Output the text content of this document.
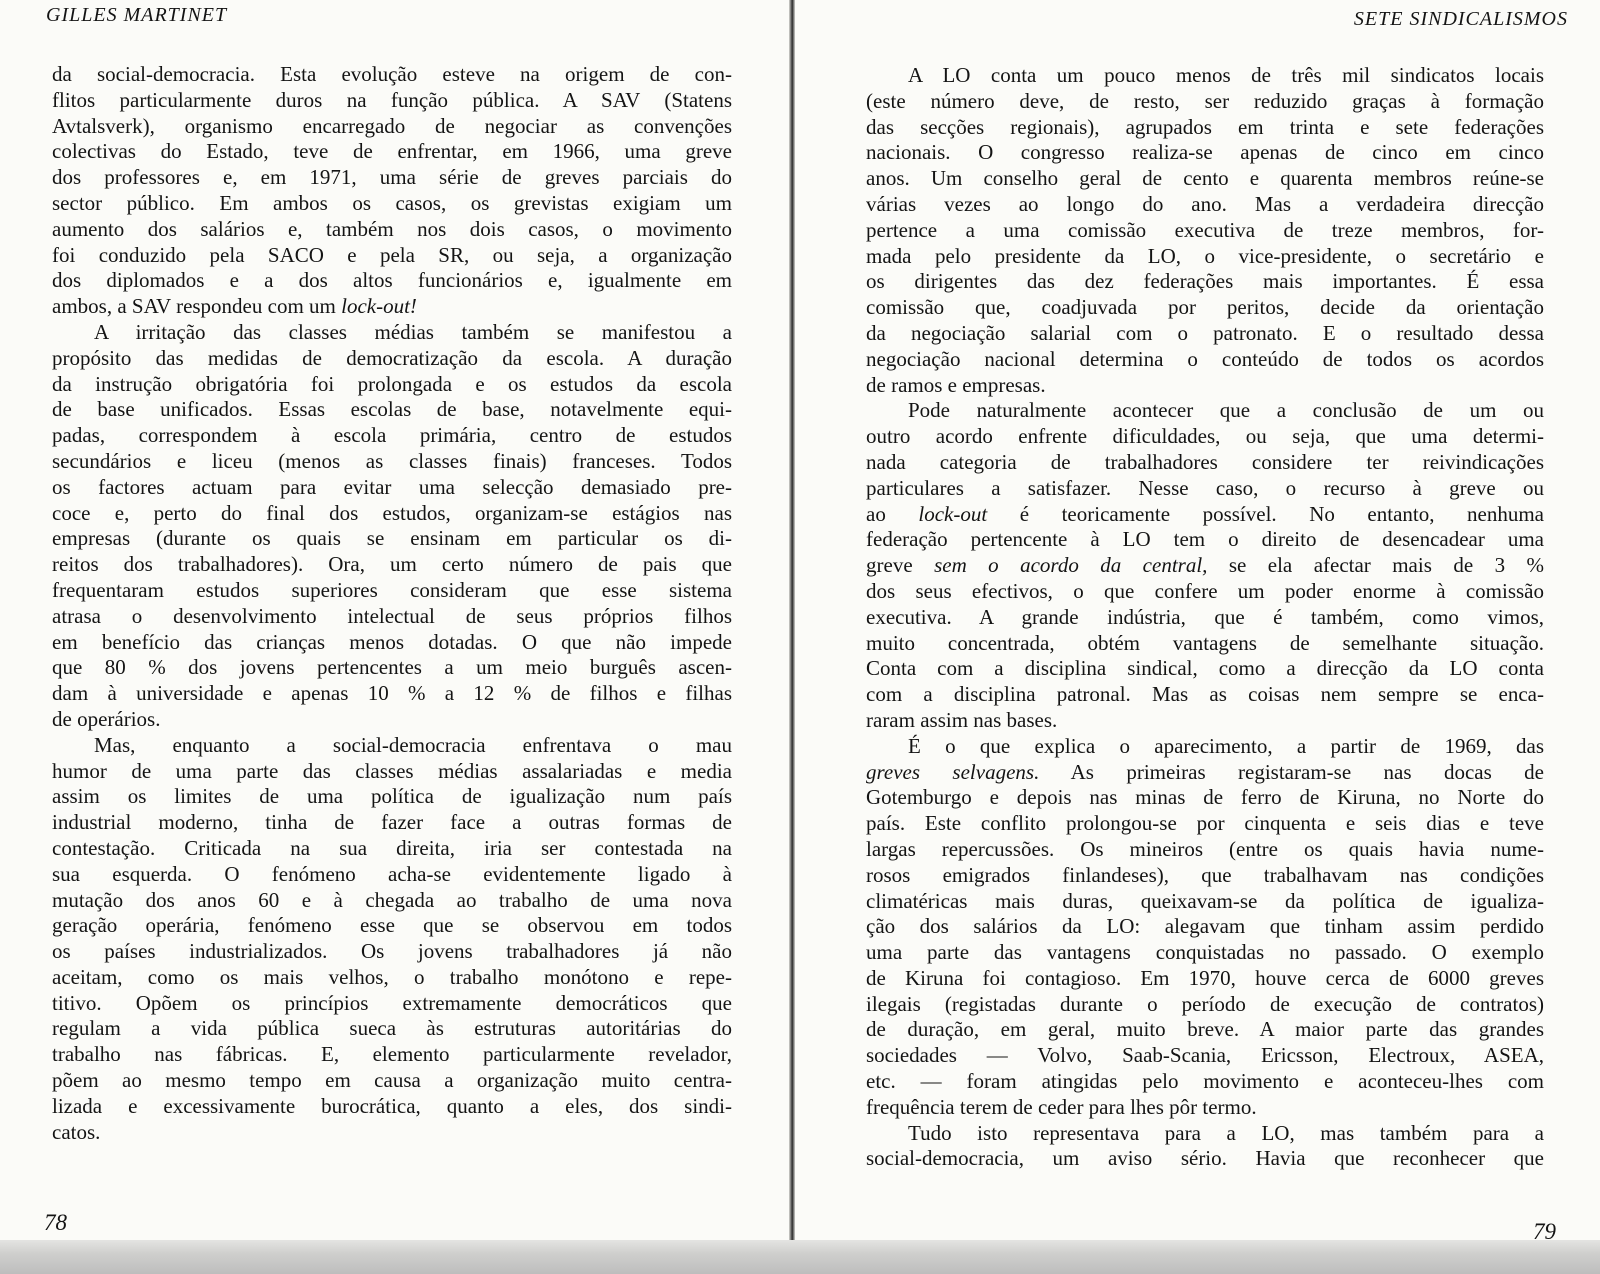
GILLES MARTINET
da social-democracia. Esta evolução esteve na origem de con-
flitos particularmente duros na função pública. A SAV (Statens
Avtalsverk), organismo encarregado de negociar as convenções
colectivas do Estado, teve de enfrentar, em 1966, uma greve
dos professores e, em 1971, uma série de greves parciais do
sector público. Em ambos os casos, os grevistas exigiam um
aumento dos salários e, também nos dois casos, o movimento
foi conduzido pela SACO e pela SR, ou seja, a organização
dos diplomados e a dos altos funcionários e, igualmente em
ambos, a SAV respondeu com um lock-out!
A irritação das classes médias também se manifestou a
propósito das medidas de democratização da escola. A duração
da instrução obrigatória foi prolongada e os estudos da escola
de base unificados. Essas escolas de base, notavelmente equi-
padas, correspondem à escola primária, centro de estudos
secundários e liceu (menos as classes finais) franceses. Todos
os factores actuam para evitar uma selecção demasiado pre-
coce e, perto do final dos estudos, organizam-se estágios nas
empresas (durante os quais se ensinam em particular os di-
reitos dos trabalhadores). Ora, um certo número de pais que
frequentaram estudos superiores consideram que esse sistema
atrasa o desenvolvimento intelectual de seus próprios filhos
em benefício das crianças menos dotadas. O que não impede
que 80 % dos jovens pertencentes a um meio burguês ascen-
dam à universidade e apenas 10 % a 12 % de filhos e filhas
de operários.
Mas, enquanto a social-democracia enfrentava o mau
humor de uma parte das classes médias assalariadas e media
assim os limites de uma política de igualização num país
industrial moderno, tinha de fazer face a outras formas de
contestação. Criticada na sua direita, iria ser contestada na
sua esquerda. O fenómeno acha-se evidentemente ligado à
mutação dos anos 60 e à chegada ao trabalho de uma nova
geração operária, fenómeno esse que se observou em todos
os países industrializados. Os jovens trabalhadores já não
aceitam, como os mais velhos, o trabalho monótono e repe-
titivo. Opõem os princípios extremamente democráticos que
regulam a vida pública sueca às estruturas autoritárias do
trabalho nas fábricas. E, elemento particularmente revelador,
põem ao mesmo tempo em causa a organização muito centra-
lizada e excessivamente burocrática, quanto a eles, dos sindi-
catos.
78
SETE SINDICALISMOS
A LO conta um pouco menos de três mil sindicatos locais
(este número deve, de resto, ser reduzido graças à formação
das secções regionais), agrupados em trinta e sete federações
nacionais. O congresso realiza-se apenas de cinco em cinco
anos. Um conselho geral de cento e quarenta membros reúne-se
várias vezes ao longo do ano. Mas a verdadeira direcção
pertence a uma comissão executiva de treze membros, for-
mada pelo presidente da LO, o vice-presidente, o secretário e
os dirigentes das dez federações mais importantes. É essa
comissão que, coadjuvada por peritos, decide da orientação
da negociação salarial com o patronato. E o resultado dessa
negociação nacional determina o conteúdo de todos os acordos
de ramos e empresas.
Pode naturalmente acontecer que a conclusão de um ou
outro acordo enfrente dificuldades, ou seja, que uma determi-
nada categoria de trabalhadores considere ter reivindicações
particulares a satisfazer. Nesse caso, o recurso à greve ou
ao lock-out é teoricamente possível. No entanto, nenhuma
federação pertencente à LO tem o direito de desencadear uma
greve sem o acordo da central, se ela afectar mais de 3 %
dos seus efectivos, o que confere um poder enorme à comissão
executiva. A grande indústria, que é também, como vimos,
muito concentrada, obtém vantagens de semelhante situação.
Conta com a disciplina sindical, como a direcção da LO conta
com a disciplina patronal. Mas as coisas nem sempre se enca-
raram assim nas bases.
É o que explica o aparecimento, a partir de 1969, das
greves selvagens. As primeiras registaram-se nas docas de
Gotemburgo e depois nas minas de ferro de Kiruna, no Norte do
país. Este conflito prolongou-se por cinquenta e seis dias e teve
largas repercussões. Os mineiros (entre os quais havia nume-
rosos emigrados finlandeses), que trabalhavam nas condições
climatéricas mais duras, queixavam-se da política de igualiza-
ção dos salários da LO: alegavam que tinham assim perdido
uma parte das vantagens conquistadas no passado. O exemplo
de Kiruna foi contagioso. Em 1970, houve cerca de 6000 greves
ilegais (registadas durante o período de execução de contratos)
de duração, em geral, muito breve. A maior parte das grandes
sociedades — Volvo, Saab-Scania, Ericsson, Electroux, ASEA,
etc. — foram atingidas pelo movimento e aconteceu-lhes com
frequência terem de ceder para lhes pôr termo.
Tudo isto representava para a LO, mas também para a
social-democracia, um aviso sério. Havia que reconhecer que
79
